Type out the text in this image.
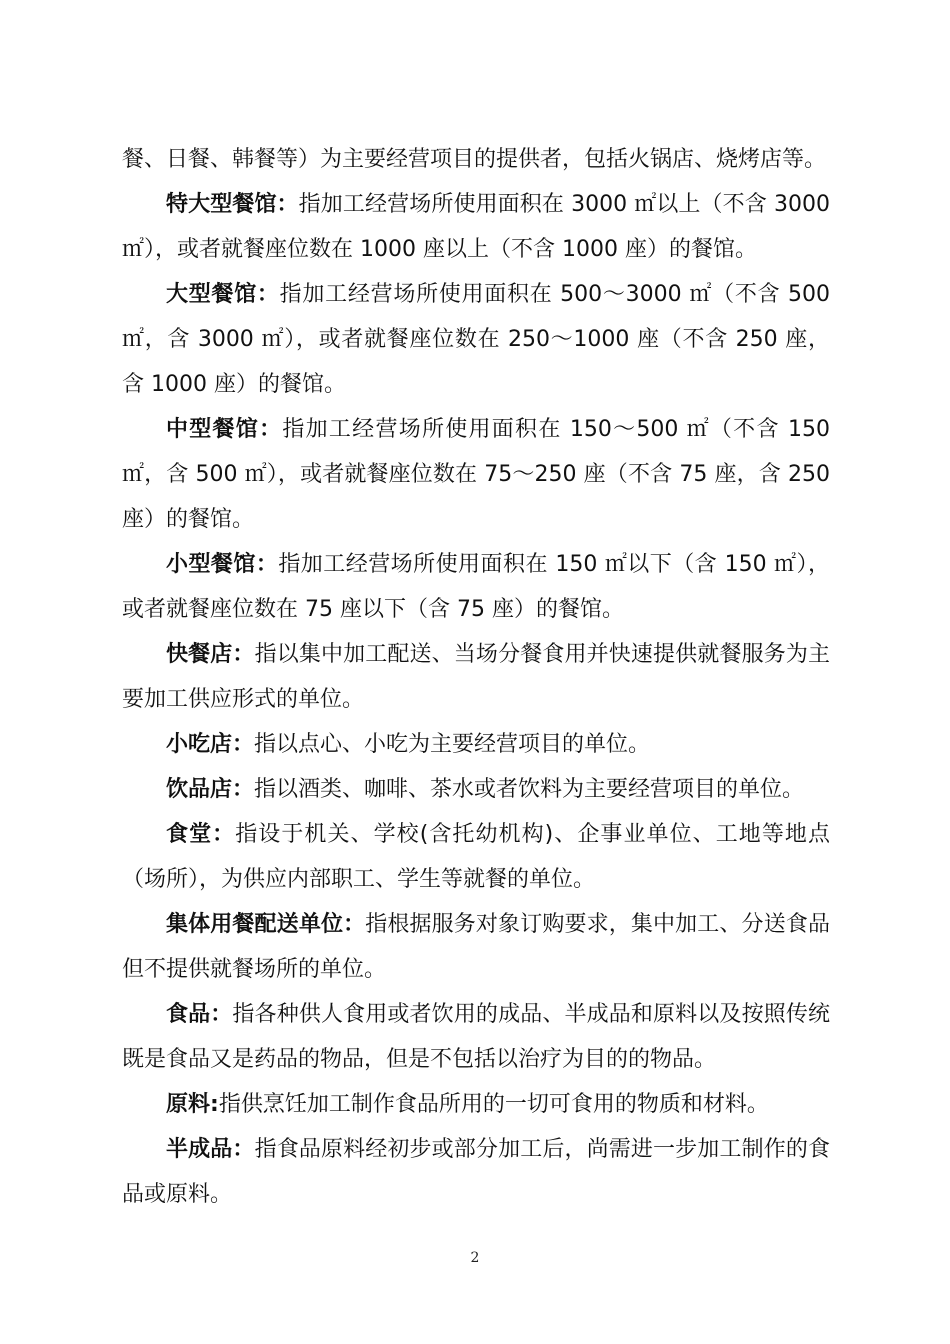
餐、日餐、韩餐等）为主要经营项目的提供者，包括火锅店、烧烤店等。

特大型餐馆：指加工经营场所使用面积在 3000 ㎡以上（不含 3000 ㎡），或者就餐座位数在 1000 座以上（不含 1000 座）的餐馆。

大型餐馆：指加工经营场所使用面积在 500～3000 ㎡（不含 500 ㎡，含 3000 ㎡），或者就餐座位数在 250～1000 座（不含 250 座，含 1000 座）的餐馆。

中型餐馆：指加工经营场所使用面积在 150～500 ㎡（不含 150 ㎡，含 500 ㎡），或者就餐座位数在 75～250 座（不含 75 座，含 250 座）的餐馆。

小型餐馆：指加工经营场所使用面积在 150 ㎡以下（含 150 ㎡），或者就餐座位数在 75 座以下（含 75 座）的餐馆。

快餐店：指以集中加工配送、当场分餐食用并快速提供就餐服务为主要加工供应形式的单位。

小吃店：指以点心、小吃为主要经营项目的单位。

饮品店：指以酒类、咖啡、茶水或者饮料为主要经营项目的单位。

食堂：指设于机关、学校(含托幼机构)、企事业单位、工地等地点（场所），为供应内部职工、学生等就餐的单位。

集体用餐配送单位：指根据服务对象订购要求，集中加工、分送食品但不提供就餐场所的单位。

食品：指各种供人食用或者饮用的成品、半成品和原料以及按照传统既是食品又是药品的物品，但是不包括以治疗为目的的物品。

原料:指供烹饪加工制作食品所用的一切可食用的物质和材料。

半成品：指食品原料经初步或部分加工后，尚需进一步加工制作的食品或原料。

2
